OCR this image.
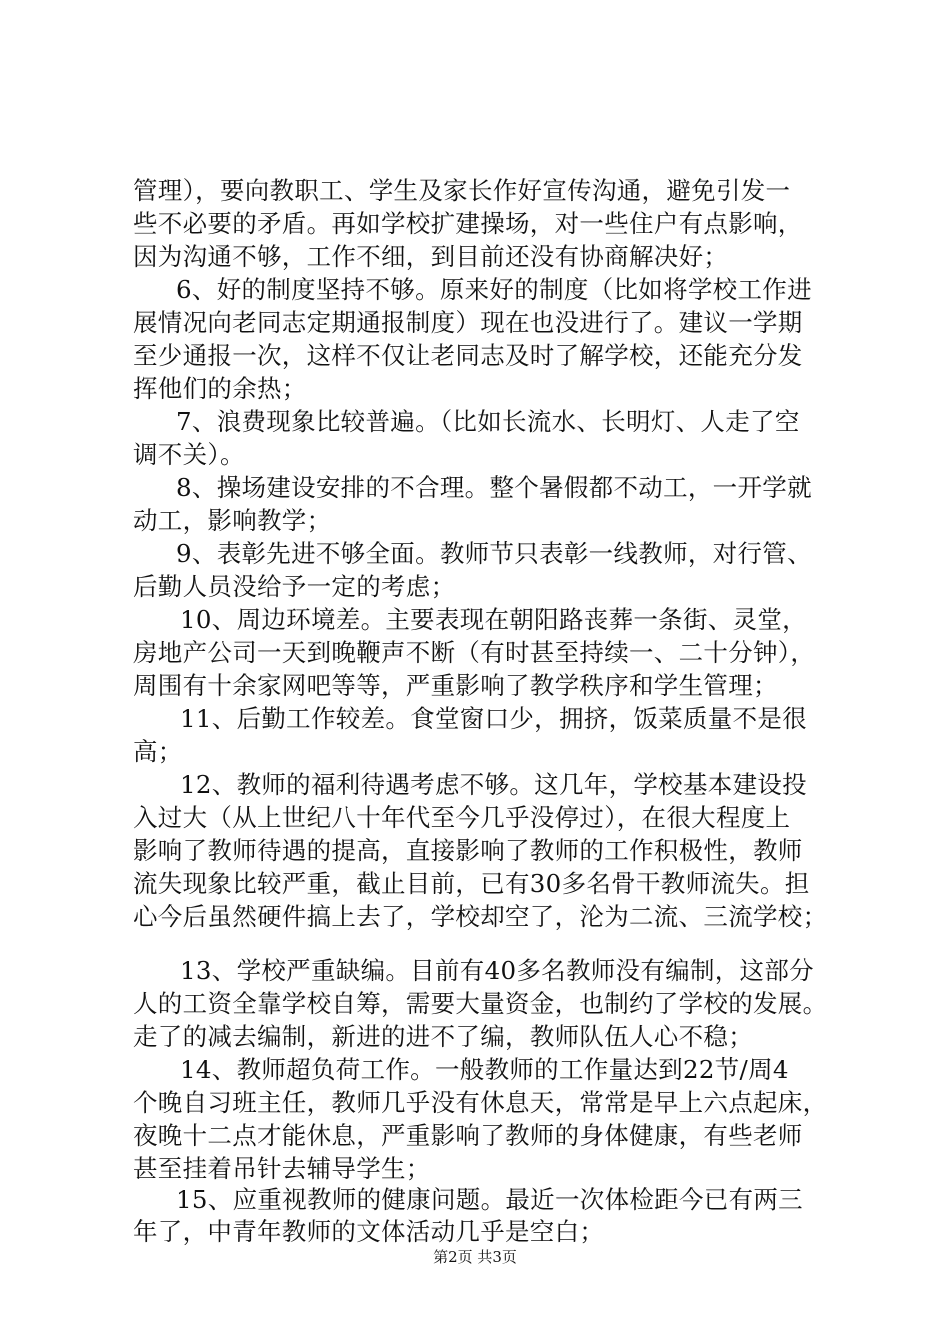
管理），要向教职工、学生及家长作好宣传沟通，避免引发一
些不必要的矛盾。再如学校扩建操场，对一些住户有点影响，
因为沟通不够，工作不细，到目前还没有协商解决好；
6、好的制度坚持不够。原来好的制度（比如将学校工作进
展情况向老同志定期通报制度）现在也没进行了。建议一学期
至少通报一次，这样不仅让老同志及时了解学校，还能充分发
挥他们的余热；
7、浪费现象比较普遍。（比如长流水、长明灯、人走了空
调不关）。
8、操场建设安排的不合理。整个暑假都不动工，一开学就
动工，影响教学；
9、表彰先进不够全面。教师节只表彰一线教师，对行管、
后勤人员没给予一定的考虑；
10、周边环境差。主要表现在朝阳路丧葬一条街、灵堂，
房地产公司一天到晚鞭声不断（有时甚至持续一、二十分钟），
周围有十余家网吧等等，严重影响了教学秩序和学生管理；
11、后勤工作较差。食堂窗口少，拥挤，饭菜质量不是很
高；
12、教师的福利待遇考虑不够。这几年，学校基本建设投
入过大（从上世纪八十年代至今几乎没停过），在很大程度上
影响了教师待遇的提高，直接影响了教师的工作积极性，教师
流失现象比较严重，截止目前，已有30多名骨干教师流失。担
心今后虽然硬件搞上去了，学校却空了，沦为二流、三流学校；
13、学校严重缺编。目前有40多名教师没有编制，这部分
人的工资全靠学校自筹，需要大量资金，也制约了学校的发展。
走了的减去编制，新进的进不了编，教师队伍人心不稳；
14、教师超负荷工作。一般教师的工作量达到22节/周4
个晚自习班主任，教师几乎没有休息天，常常是早上六点起床，
夜晚十二点才能休息，严重影响了教师的身体健康，有些老师
甚至挂着吊针去辅导学生；
15、应重视教师的健康问题。最近一次体检距今已有两三
年了，中青年教师的文体活动几乎是空白；
第2页 共3页
